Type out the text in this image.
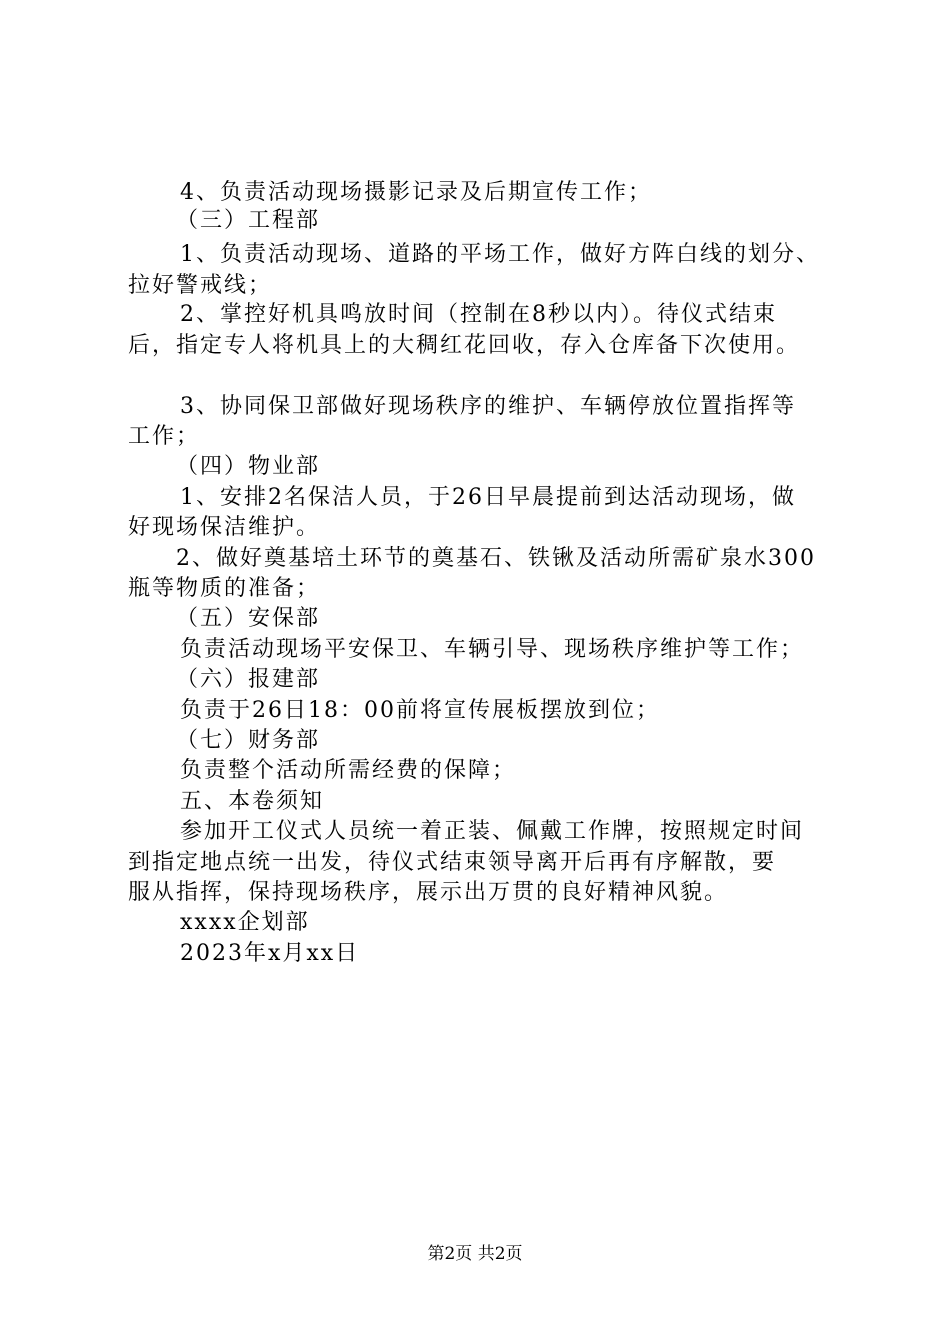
4、负责活动现场摄影记录及后期宣传工作；
（三）工程部
1、负责活动现场、道路的平场工作，做好方阵白线的划分、
拉好警戒线；
2、掌控好机具鸣放时间（控制在8秒以内）。待仪式结束
后，指定专人将机具上的大稠红花回收，存入仓库备下次使用。
3、协同保卫部做好现场秩序的维护、车辆停放位置指挥等
工作；
（四）物业部
1、安排2名保洁人员，于26日早晨提前到达活动现场，做
好现场保洁维护。
2、做好奠基培土环节的奠基石、铁锹及活动所需矿泉水300
瓶等物质的准备；
（五）安保部
负责活动现场平安保卫、车辆引导、现场秩序维护等工作；
（六）报建部
负责于26日18：00前将宣传展板摆放到位；
（七）财务部
负责整个活动所需经费的保障；
五、本卷须知
参加开工仪式人员统一着正装、佩戴工作牌，按照规定时间
到指定地点统一出发，待仪式结束领导离开后再有序解散，要
服从指挥，保持现场秩序，展示出万贯的良好精神风貌。
xxxx企划部
2023年x月xx日
第2页 共2页
